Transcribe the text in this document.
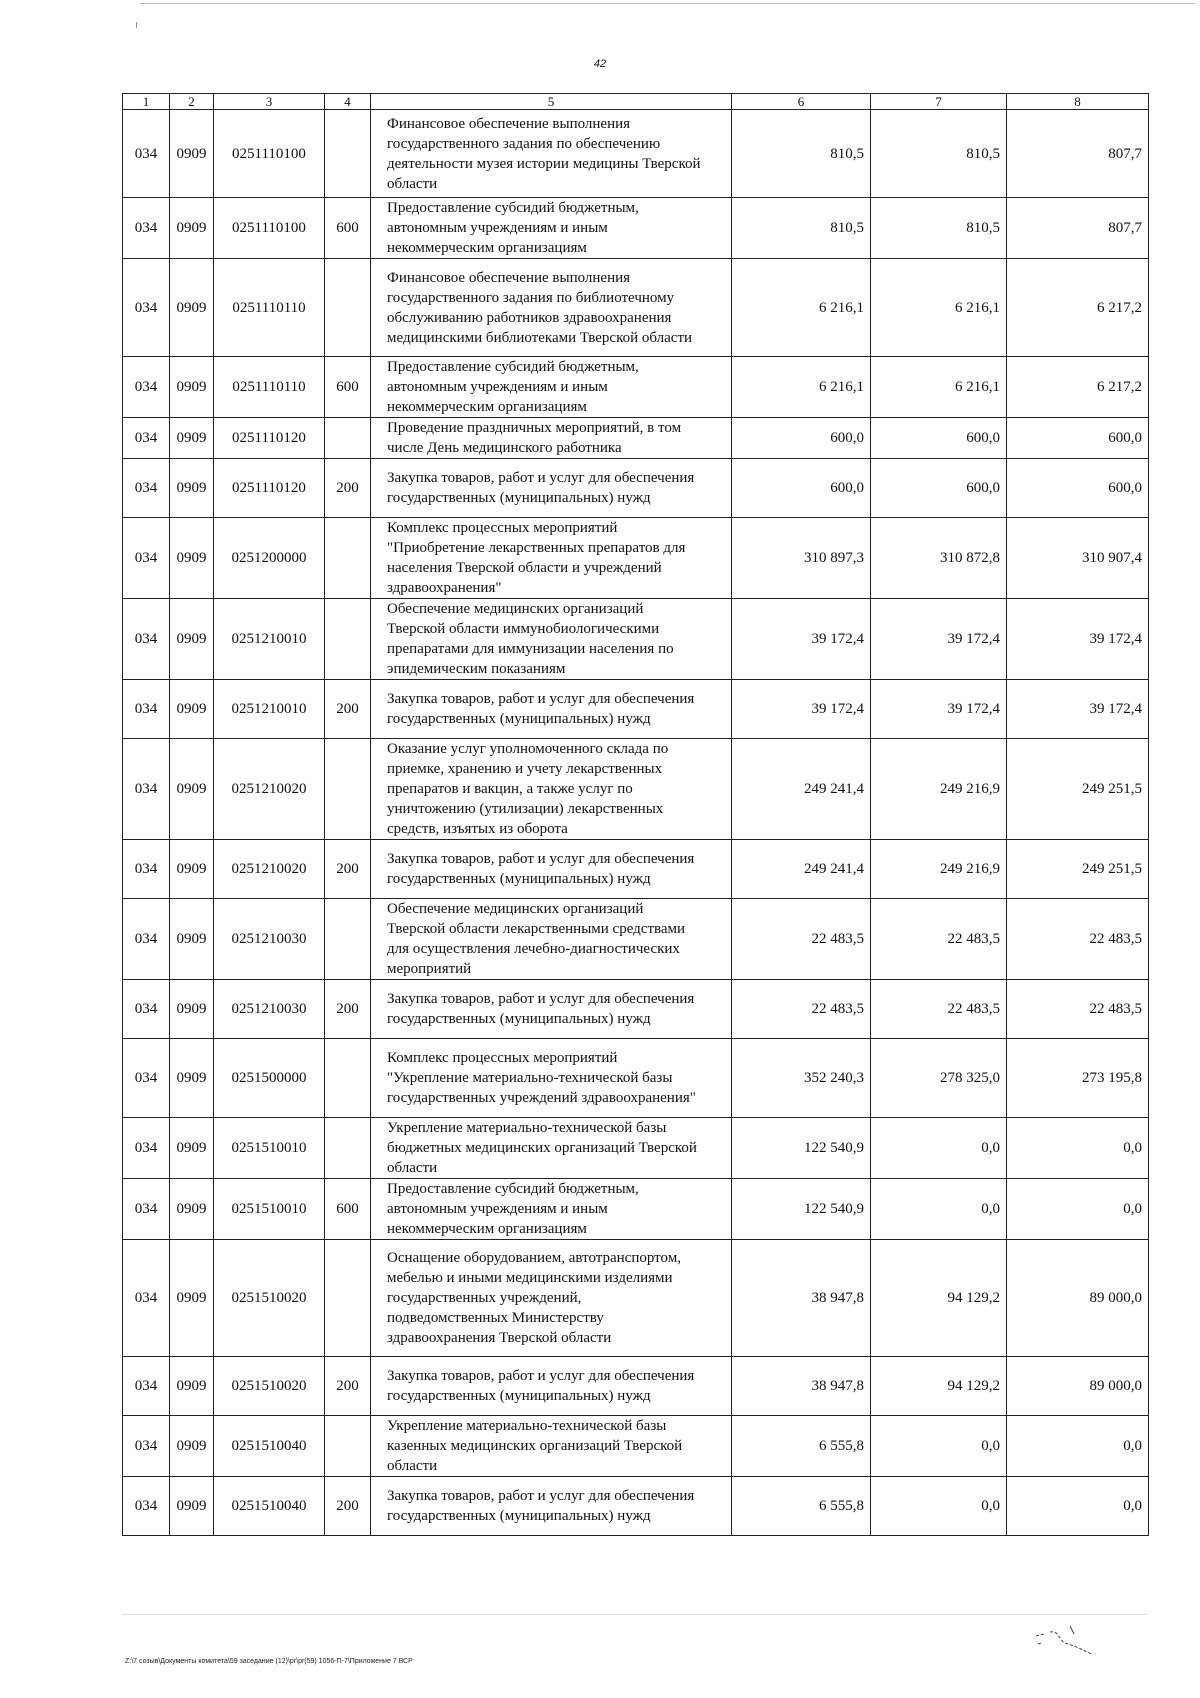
42
1	2	3	4	5	6	7	8
034	0909	0251110100		Финансовое обеспечение выполнения
государственного задания по обеспечению
деятельности музея истории медицины Тверской
области	810,5	810,5	807,7
034	0909	0251110100	600	Предоставление субсидий бюджетным,
автономным учреждениям и иным
некоммерческим организациям	810,5	810,5	807,7
034	0909	0251110110		Финансовое обеспечение выполнения
государственного задания по библиотечному
обслуживанию работников здравоохранения
медицинскими библиотеками Тверской области	6 216,1	6 216,1	6 217,2
034	0909	0251110110	600	Предоставление субсидий бюджетным,
автономным учреждениям и иным
некоммерческим организациям	6 216,1	6 216,1	6 217,2
034	0909	0251110120		Проведение праздничных мероприятий, в том
числе День медицинского работника	600,0	600,0	600,0
034	0909	0251110120	200	Закупка товаров, работ и услуг для обеспечения
государственных (муниципальных) нужд	600,0	600,0	600,0
034	0909	0251200000		Комплекс процессных мероприятий
"Приобретение лекарственных препаратов для
населения Тверской области и учреждений
здравоохранения"	310 897,3	310 872,8	310 907,4
034	0909	0251210010		Обеспечение медицинских организаций
Тверской области иммунобиологическими
препаратами для иммунизации населения по
эпидемическим показаниям	39 172,4	39 172,4	39 172,4
034	0909	0251210010	200	Закупка товаров, работ и услуг для обеспечения
государственных (муниципальных) нужд	39 172,4	39 172,4	39 172,4
034	0909	0251210020		Оказание услуг уполномоченного склада по
приемке, хранению и учету лекарственных
препаратов и вакцин, а также услуг по
уничтожению (утилизации) лекарственных
средств, изъятых из оборота	249 241,4	249 216,9	249 251,5
034	0909	0251210020	200	Закупка товаров, работ и услуг для обеспечения
государственных (муниципальных) нужд	249 241,4	249 216,9	249 251,5
034	0909	0251210030		Обеспечение медицинских организаций
Тверской области лекарственными средствами
для осуществления лечебно-диагностических
мероприятий	22 483,5	22 483,5	22 483,5
034	0909	0251210030	200	Закупка товаров, работ и услуг для обеспечения
государственных (муниципальных) нужд	22 483,5	22 483,5	22 483,5
034	0909	0251500000		Комплекс процессных мероприятий
"Укрепление материально-технической базы
государственных учреждений здравоохранения"	352 240,3	278 325,0	273 195,8
034	0909	0251510010		Укрепление материально-технической базы
бюджетных медицинских организаций Тверской
области	122 540,9	0,0	0,0
034	0909	0251510010	600	Предоставление субсидий бюджетным,
автономным учреждениям и иным
некоммерческим организациям	122 540,9	0,0	0,0
034	0909	0251510020		Оснащение оборудованием, автотранспортом,
мебелью и иными медицинскими изделиями
государственных учреждений,
подведомственных Министерству
здравоохранения Тверской области	38 947,8	94 129,2	89 000,0
034	0909	0251510020	200	Закупка товаров, работ и услуг для обеспечения
государственных (муниципальных) нужд	38 947,8	94 129,2	89 000,0
034	0909	0251510040		Укрепление материально-технической базы
казенных медицинских организаций Тверской
области	6 555,8	0,0	0,0
034	0909	0251510040	200	Закупка товаров, работ и услуг для обеспечения
государственных (муниципальных) нужд	6 555,8	0,0	0,0
Z:\7 созыв\Документы комитета\59 заседание (12)\pr\pr(59) 1056-П-7\Приложение 7 ВСР
